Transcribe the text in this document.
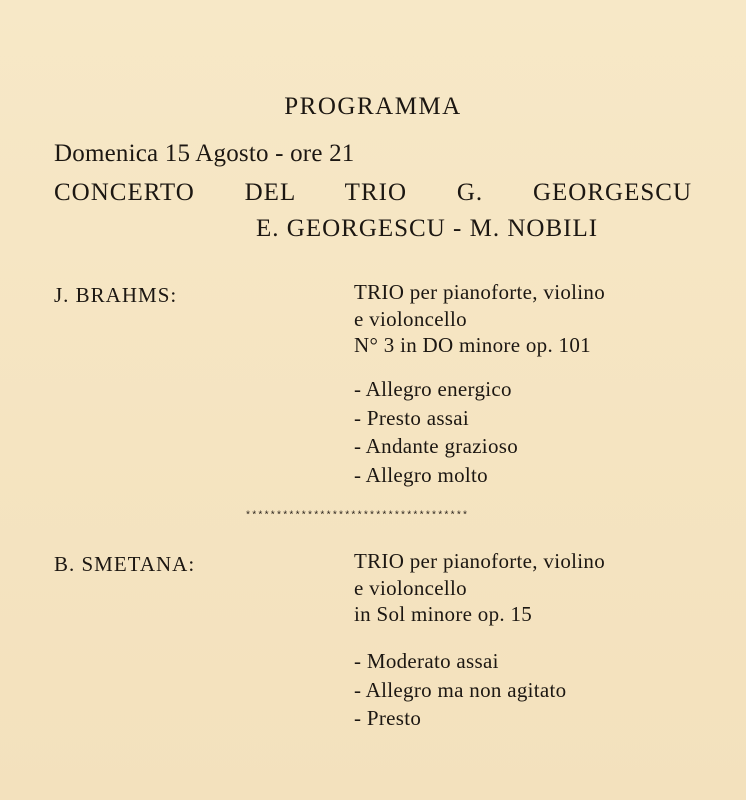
PROGRAMMA
Domenica 15 Agosto - ore 21
CONCERTO DEL TRIO G. GEORGESCU
E. GEORGESCU - M. NOBILI
J. BRAHMS:	TRIO per pianoforte, violino
e violoncello
N° 3 in DO minore op. 101
- Allegro energico
- Presto assai
- Andante grazioso
- Allegro molto
************************************
B. SMETANA:	TRIO per pianoforte, violino
e violoncello
in Sol minore op. 15
- Moderato assai
- Allegro ma non agitato
- Presto
